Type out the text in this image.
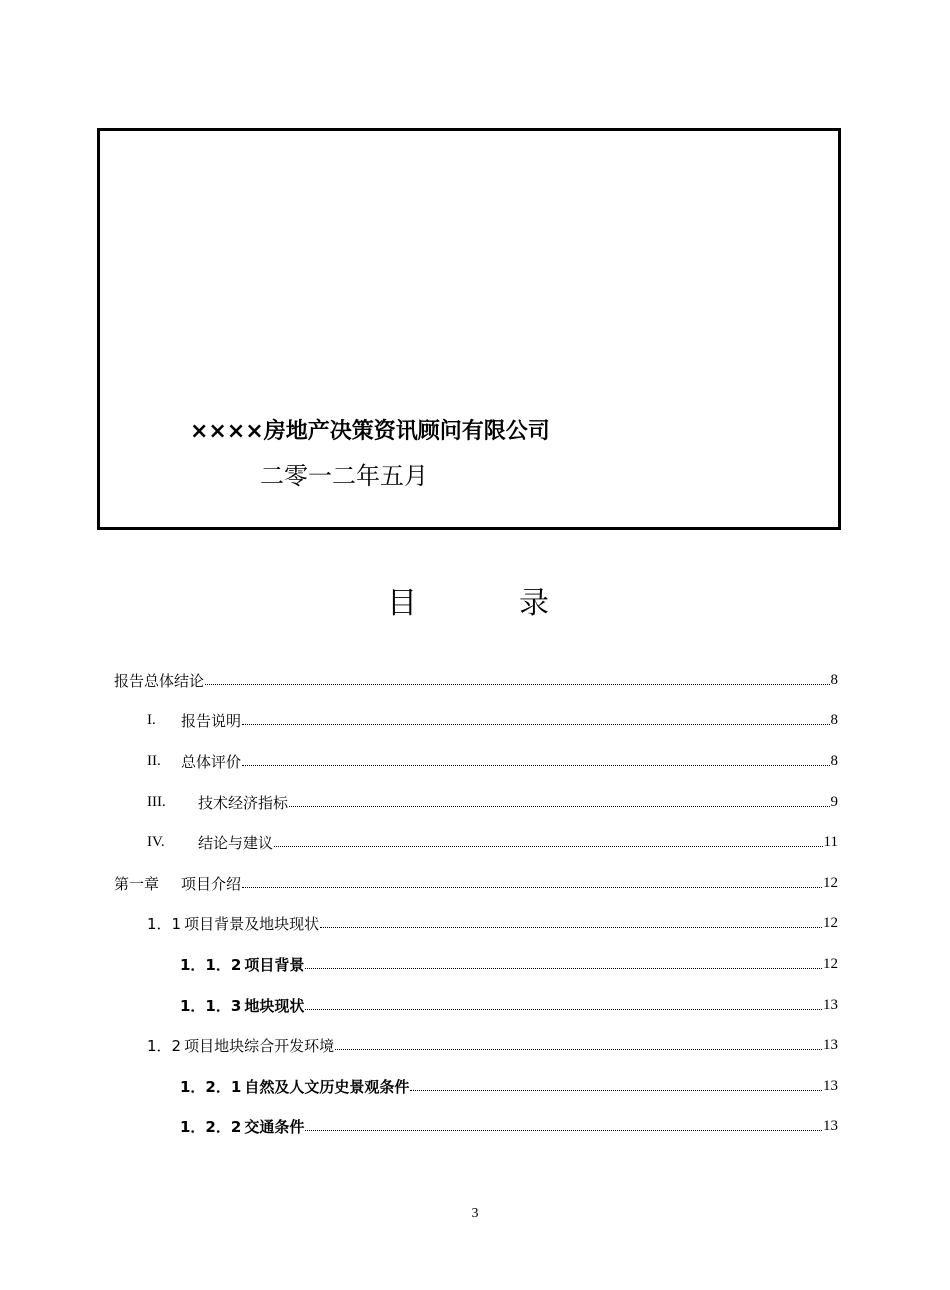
××××房地产决策资讯顾问有限公司
二零一二年五月
目　录
报告总体结论	8
I.	报告说明	8
II.	总体评价	8
III.	技术经济指标	9
IV.	结论与建议	11
第一章	项目介绍	12
1．1 项目背景及地块现状	12
1．1．2 项目背景	12
1．1．3 地块现状	13
1．2 项目地块综合开发环境	13
1．2．1 自然及人文历史景观条件	13
1．2．2 交通条件	13
3
